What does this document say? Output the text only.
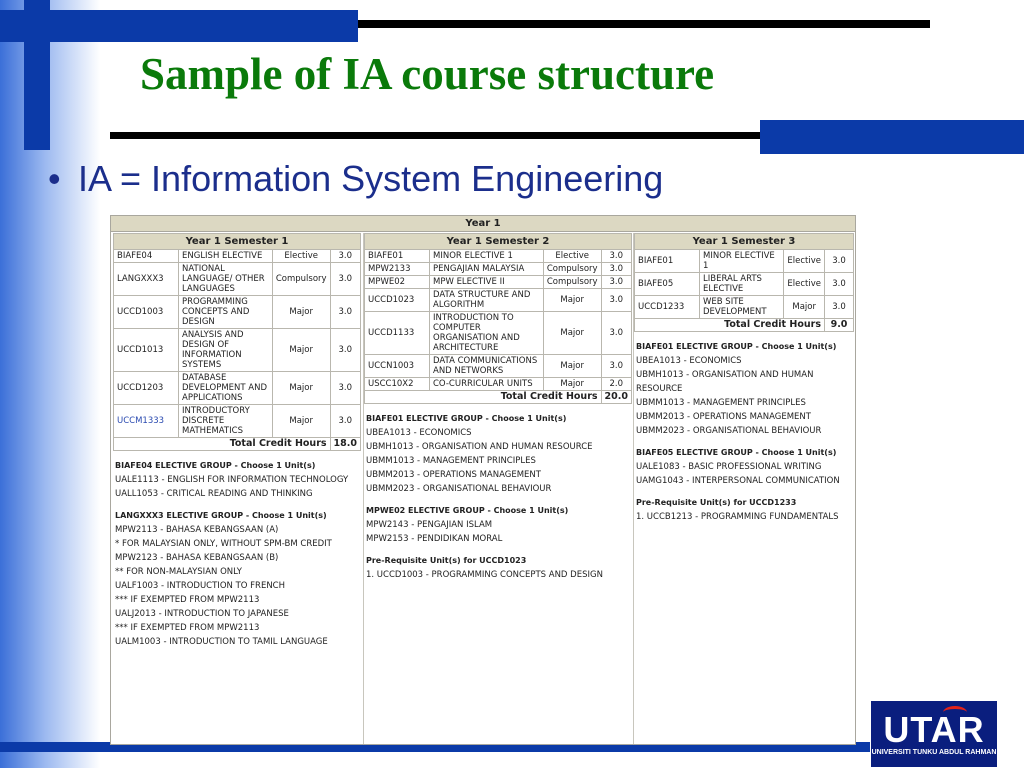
Sample of IA course structure
• IA = Information System Engineering
Year 1
Year 1 Semester 1			
BIAFE04	ENGLISH ELECTIVE	Elective	3.0
LANGXXX3	NATIONAL LANGUAGE/ OTHER LANGUAGES	Compulsory	3.0
UCCD1003	PROGRAMMING CONCEPTS AND DESIGN	Major	3.0
UCCD1013	ANALYSIS AND DESIGN OF INFORMATION SYSTEMS	Major	3.0
UCCD1203	DATABASE DEVELOPMENT AND APPLICATIONS	Major	3.0
UCCM1333	INTRODUCTORY DISCRETE MATHEMATICS	Major	3.0
Total Credit Hours			18.0
BIAFE04 ELECTIVE GROUP - Choose 1 Unit(s)
UALE1113 - ENGLISH FOR INFORMATION TECHNOLOGY
UALL1053 - CRITICAL READING AND THINKING
LANGXXX3 ELECTIVE GROUP - Choose 1 Unit(s)
MPW2113 - BAHASA KEBANGSAAN (A)
* FOR MALAYSIAN ONLY, WITHOUT SPM-BM CREDIT
MPW2123 - BAHASA KEBANGSAAN (B)
** FOR NON-MALAYSIAN ONLY
UALF1003 - INTRODUCTION TO FRENCH
*** IF EXEMPTED FROM MPW2113
UALJ2013 - INTRODUCTION TO JAPANESE
*** IF EXEMPTED FROM MPW2113
UALM1003 - INTRODUCTION TO TAMIL LANGUAGE
Year 1 Semester 2			
BIAFE01	MINOR ELECTIVE 1	Elective	3.0
MPW2133	PENGAJIAN MALAYSIA	Compulsory	3.0
MPWE02	MPW ELECTIVE II	Compulsory	3.0
UCCD1023	DATA STRUCTURE AND ALGORITHM	Major	3.0
UCCD1133	INTRODUCTION TO COMPUTER ORGANISATION AND ARCHITECTURE	Major	3.0
UCCN1003	DATA COMMUNICATIONS AND NETWORKS	Major	3.0
USCC10X2	CO-CURRICULAR UNITS	Major	2.0
Total Credit Hours			20.0
BIAFE01 ELECTIVE GROUP - Choose 1 Unit(s)
UBEA1013 - ECONOMICS
UBMH1013 - ORGANISATION AND HUMAN RESOURCE
UBMM1013 - MANAGEMENT PRINCIPLES
UBMM2013 - OPERATIONS MANAGEMENT
UBMM2023 - ORGANISATIONAL BEHAVIOUR
MPWE02 ELECTIVE GROUP - Choose 1 Unit(s)
MPW2143 - PENGAJIAN ISLAM
MPW2153 - PENDIDIKAN MORAL
Pre-Requisite Unit(s) for UCCD1023
1. UCCD1003 - PROGRAMMING CONCEPTS AND DESIGN
Year 1 Semester 3			
BIAFE01	MINOR ELECTIVE 1	Elective	3.0
BIAFE05	LIBERAL ARTS ELECTIVE	Elective	3.0
UCCD1233	WEB SITE DEVELOPMENT	Major	3.0
Total Credit Hours			9.0
BIAFE01 ELECTIVE GROUP - Choose 1 Unit(s)
UBEA1013 - ECONOMICS
UBMH1013 - ORGANISATION AND HUMAN RESOURCE
UBMM1013 - MANAGEMENT PRINCIPLES
UBMM2013 - OPERATIONS MANAGEMENT
UBMM2023 - ORGANISATIONAL BEHAVIOUR
BIAFE05 ELECTIVE GROUP - Choose 1 Unit(s)
UALE1083 - BASIC PROFESSIONAL WRITING
UAMG1043 - INTERPERSONAL COMMUNICATION
Pre-Requisite Unit(s) for UCCD1233
1. UCCB1213 - PROGRAMMING FUNDAMENTALS
UTAR
UNIVERSITI TUNKU ABDUL RAHMAN
